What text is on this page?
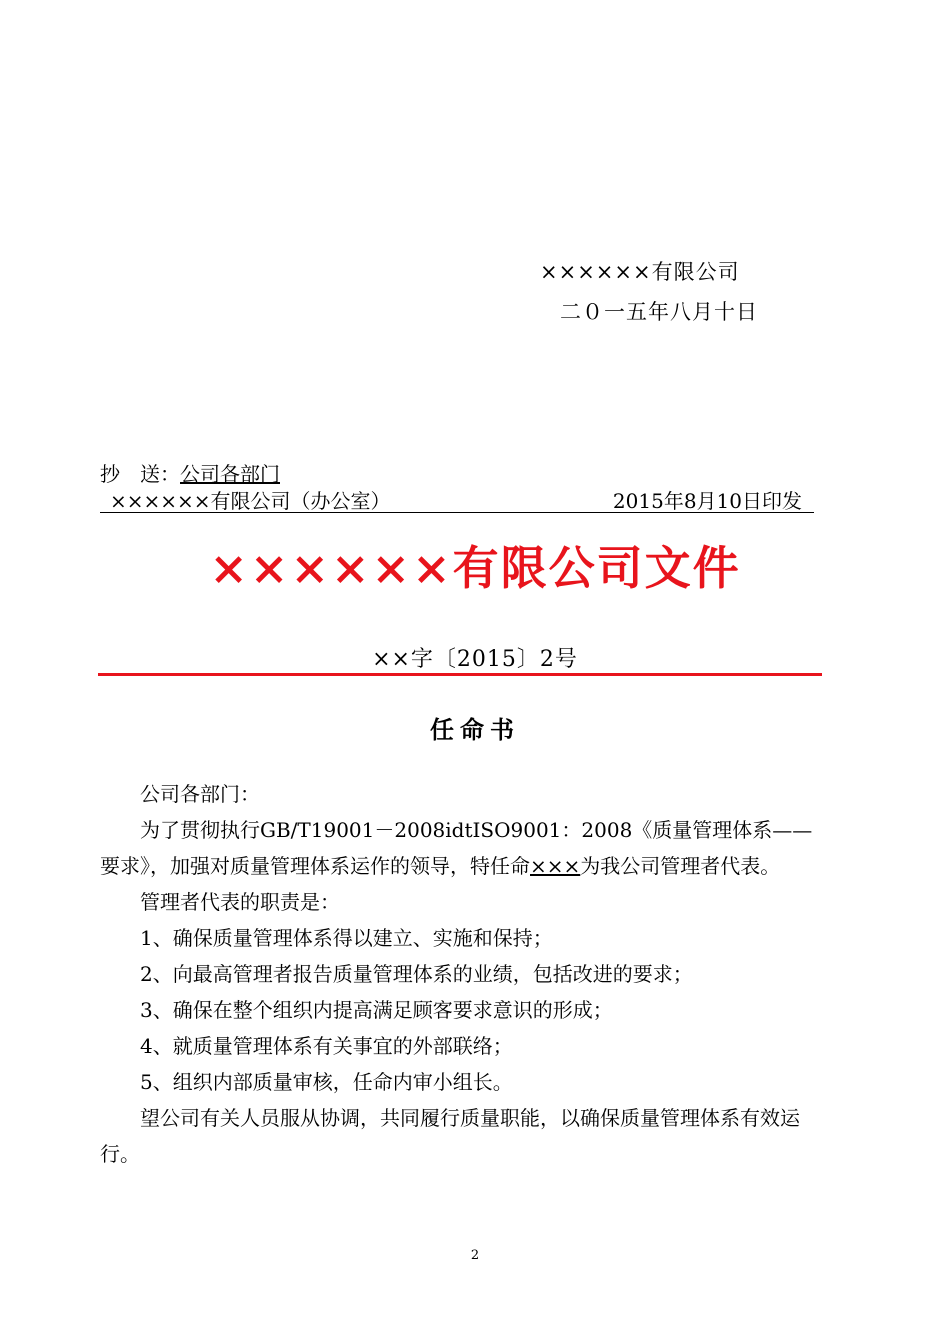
××××××有限公司
二０一五年八月十日
抄　送：公司各部门
××××××有限公司（办公室）	2015年8月10日印发
××××××有限公司文件
××字〔2015〕2号
任命书

公司各部门：

为了贯彻执行GB/T19001－2008idtISO9001：2008《质量管理体系——要求》，加强对质量管理体系运作的领导，特任命×××为我公司管理者代表。

管理者代表的职责是：

1、确保质量管理体系得以建立、实施和保持；

2、向最高管理者报告质量管理体系的业绩，包括改进的要求；

3、确保在整个组织内提高满足顾客要求意识的形成；

4、就质量管理体系有关事宜的外部联络；

5、组织内部质量审核，任命内审小组长。

望公司有关人员服从协调，共同履行质量职能，以确保质量管理体系有效运行。

2
